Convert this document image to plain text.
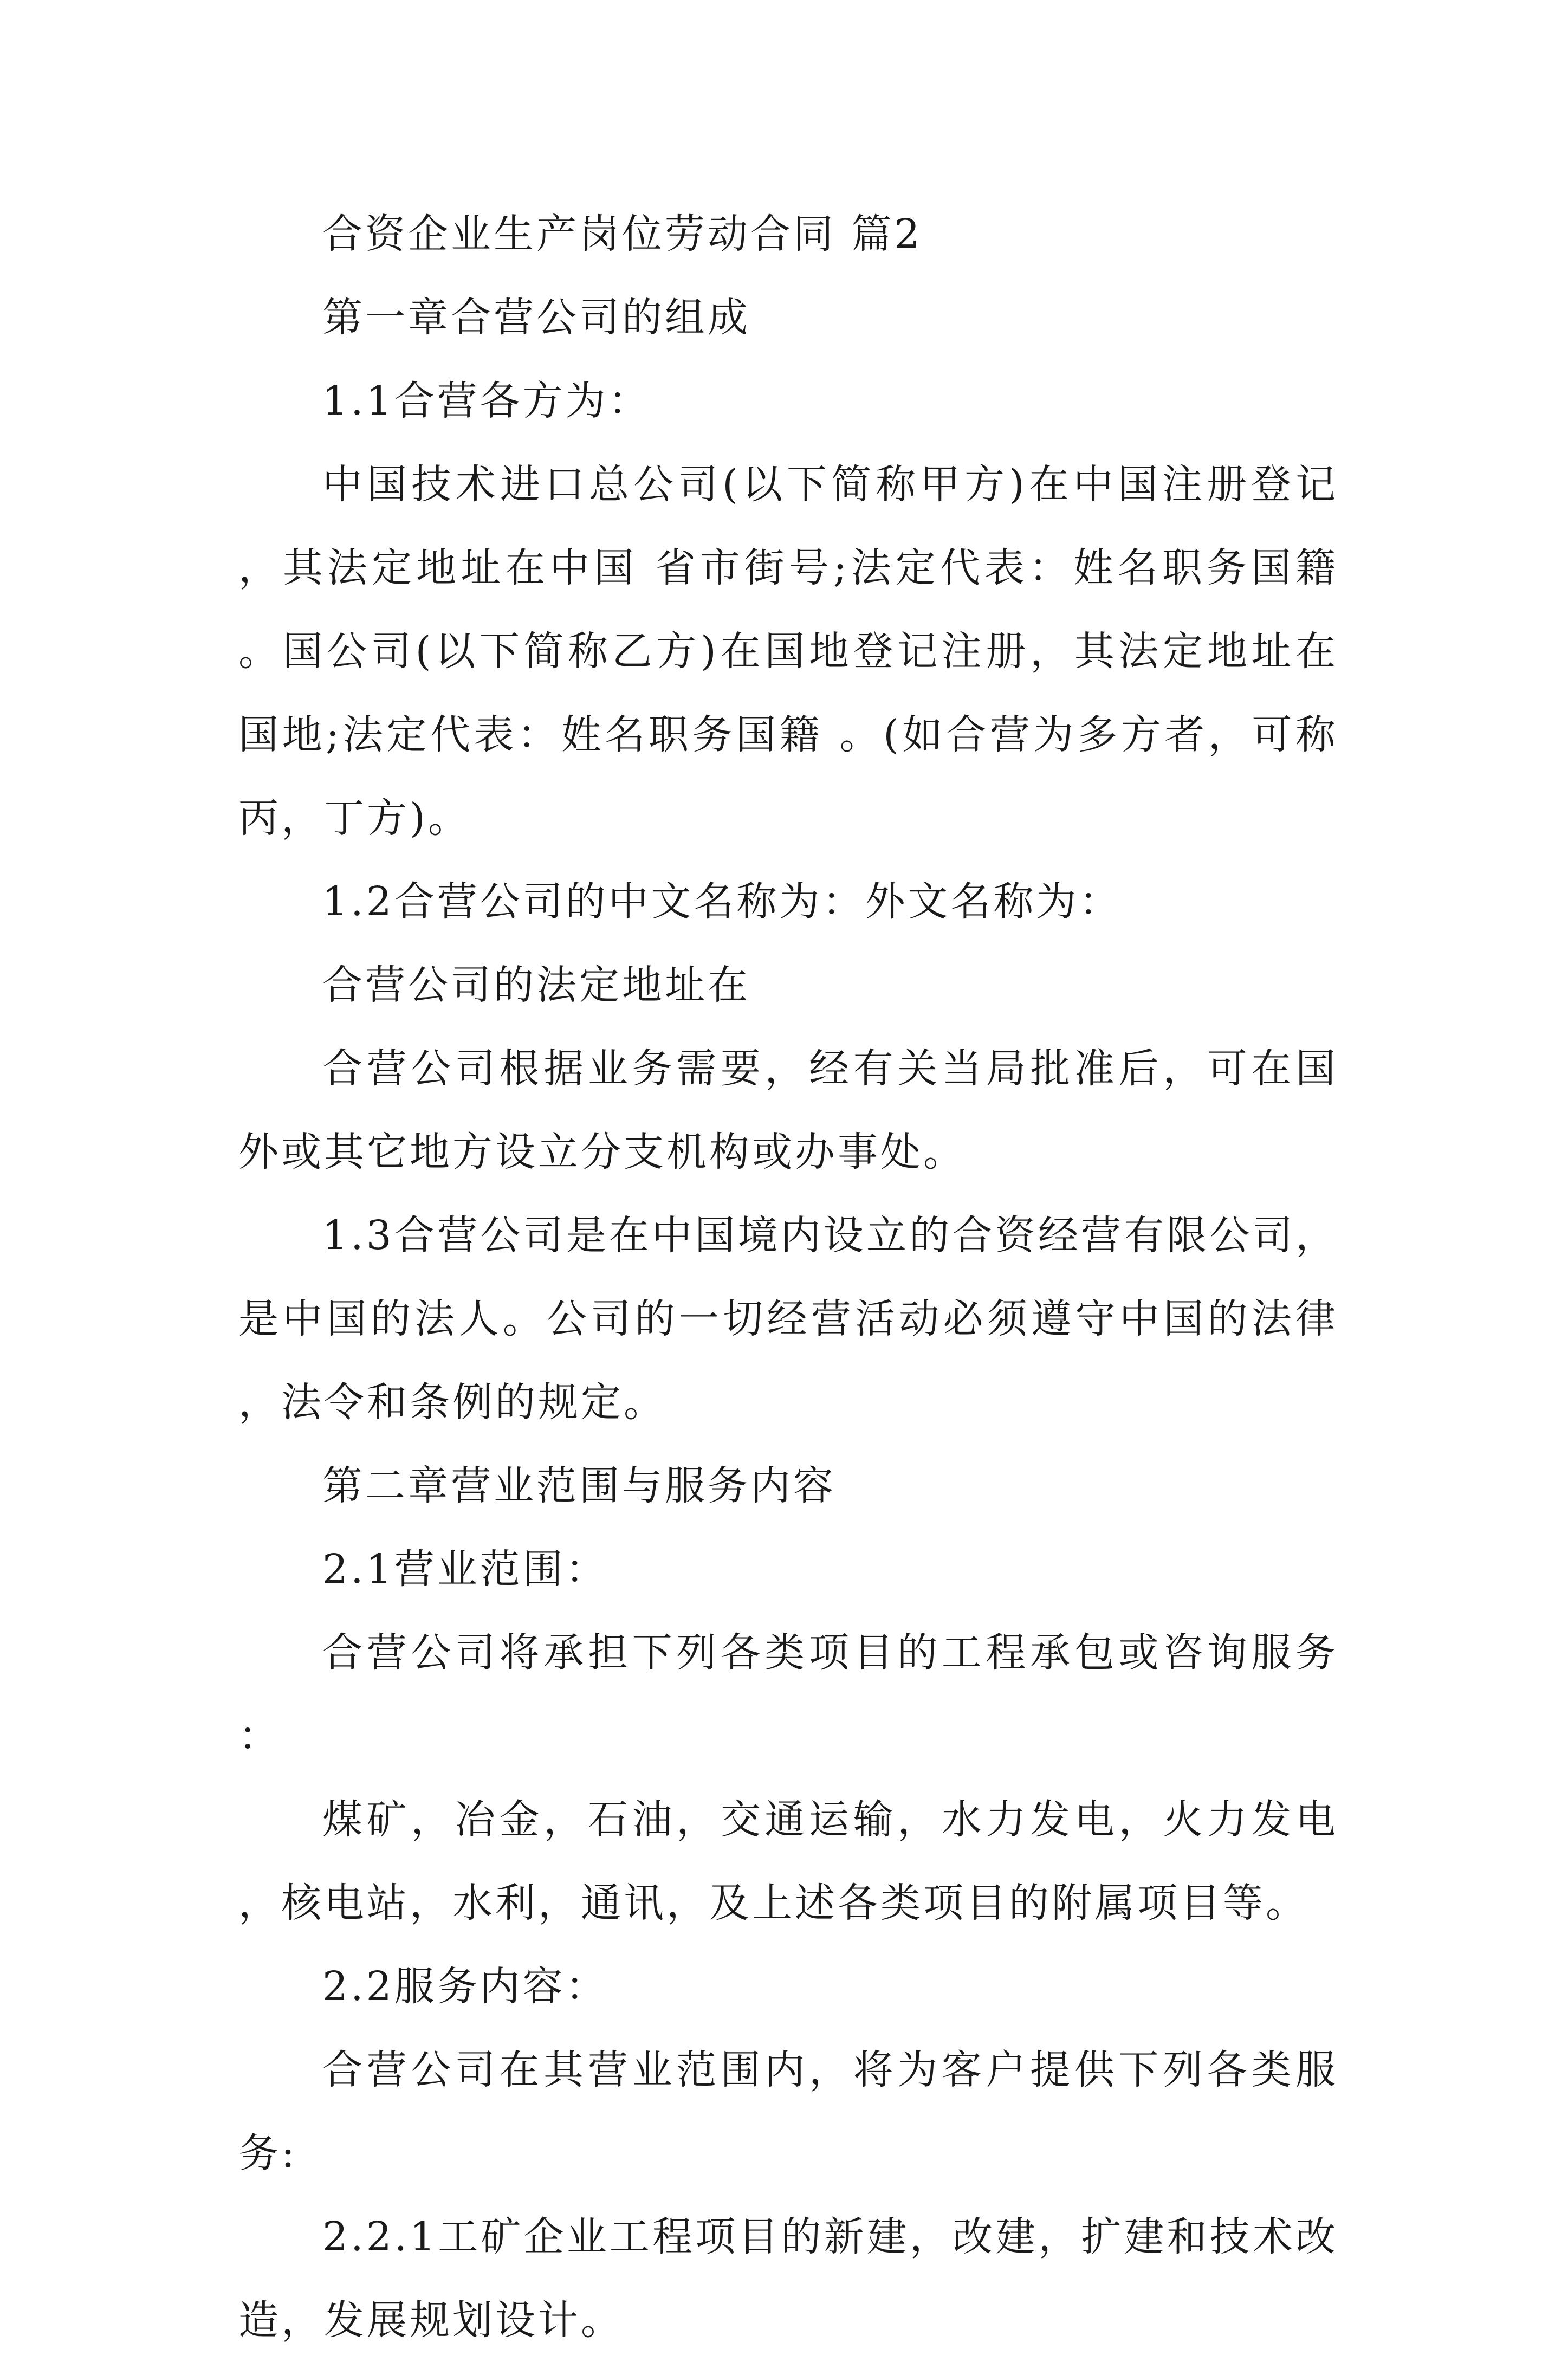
合资企业生产岗位劳动合同 篇2

第一章合营公司的组成

1.1合营各方为：

中国技术进口总公司(以下简称甲方)在中国注册登记，其法定地址在中国 省市街号;法定代表：姓名职务国籍 。国公司(以下简称乙方)在国地登记注册，其法定地址在国地;法定代表：姓名职务国籍 。(如合营为多方者，可称丙，丁方)。

1.2合营公司的中文名称为：外文名称为：

合营公司的法定地址在

合营公司根据业务需要，经有关当局批准后，可在国外或其它地方设立分支机构或办事处。

1.3合营公司是在中国境内设立的合资经营有限公司，是中国的法人。公司的一切经营活动必须遵守中国的法律，法令和条例的规定。

第二章营业范围与服务内容

2.1营业范围：

合营公司将承担下列各类项目的工程承包或咨询服务：

煤矿，冶金，石油，交通运输，水力发电，火力发电，核电站，水利，通讯，及上述各类项目的附属项目等。

2.2服务内容：

合营公司在其营业范围内，将为客户提供下列各类服务:

2.2.1工矿企业工程项目的新建，改建，扩建和技术改造，发展规划设计。
